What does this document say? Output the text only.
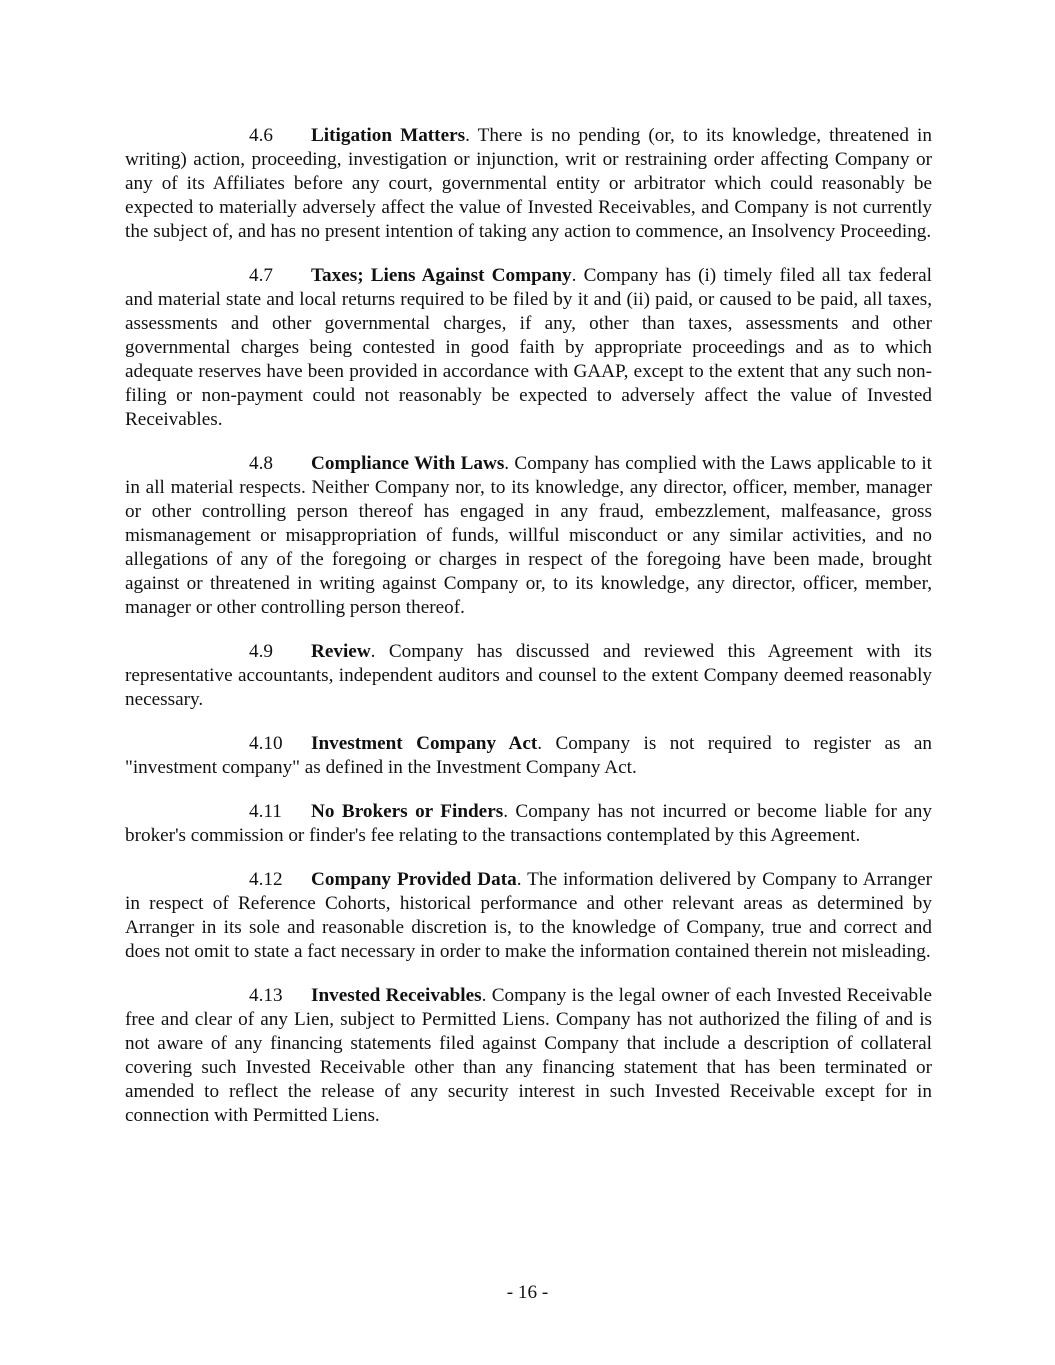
4.6 Litigation Matters. There is no pending (or, to its knowledge, threatened in writing) action, proceeding, investigation or injunction, writ or restraining order affecting Company or any of its Affiliates before any court, governmental entity or arbitrator which could reasonably be expected to materially adversely affect the value of Invested Receivables, and Company is not currently the subject of, and has no present intention of taking any action to commence, an Insolvency Proceeding.

4.7 Taxes; Liens Against Company. Company has (i) timely filed all tax federal and material state and local returns required to be filed by it and (ii) paid, or caused to be paid, all taxes, assessments and other governmental charges, if any, other than taxes, assessments and other governmental charges being contested in good faith by appropriate proceedings and as to which adequate reserves have been provided in accordance with GAAP, except to the extent that any such non-filing or non-payment could not reasonably be expected to adversely affect the value of Invested Receivables.

4.8 Compliance With Laws. Company has complied with the Laws applicable to it in all material respects. Neither Company nor, to its knowledge, any director, officer, member, manager or other controlling person thereof has engaged in any fraud, embezzlement, malfeasance, gross mismanagement or misappropriation of funds, willful misconduct or any similar activities, and no allegations of any of the foregoing or charges in respect of the foregoing have been made, brought against or threatened in writing against Company or, to its knowledge, any director, officer, member, manager or other controlling person thereof.

4.9 Review. Company has discussed and reviewed this Agreement with its representative accountants, independent auditors and counsel to the extent Company deemed reasonably necessary.

4.10 Investment Company Act. Company is not required to register as an "investment company" as defined in the Investment Company Act.

4.11 No Brokers or Finders. Company has not incurred or become liable for any broker's commission or finder's fee relating to the transactions contemplated by this Agreement.

4.12 Company Provided Data. The information delivered by Company to Arranger in respect of Reference Cohorts, historical performance and other relevant areas as determined by Arranger in its sole and reasonable discretion is, to the knowledge of Company, true and correct and does not omit to state a fact necessary in order to make the information contained therein not misleading.

4.13 Invested Receivables. Company is the legal owner of each Invested Receivable free and clear of any Lien, subject to Permitted Liens. Company has not authorized the filing of and is not aware of any financing statements filed against Company that include a description of collateral covering such Invested Receivable other than any financing statement that has been terminated or amended to reflect the release of any security interest in such Invested Receivable except for in connection with Permitted Liens.

- 16 -
